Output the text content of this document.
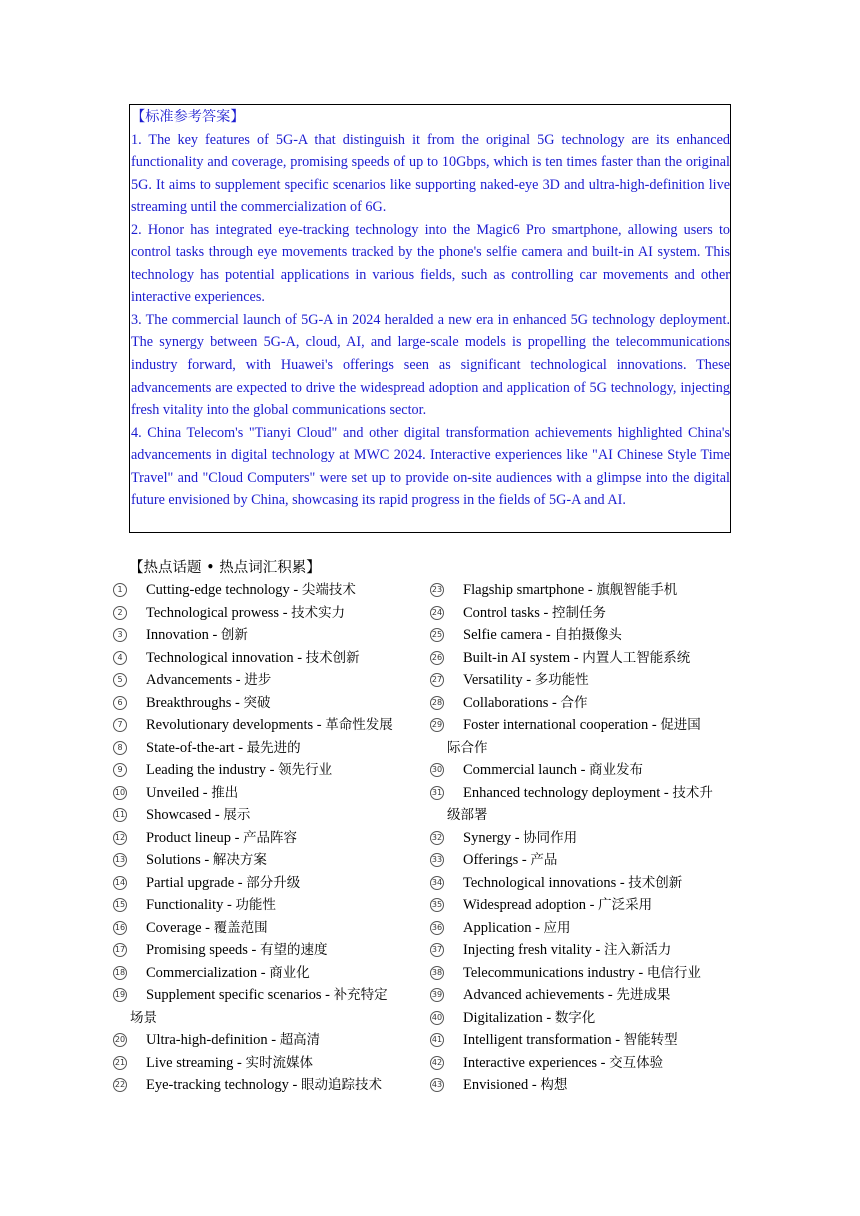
【标准参考答案】

1. The key features of 5G-A that distinguish it from the original 5G technology are its enhanced functionality and coverage, promising speeds of up to 10Gbps, which is ten times faster than the original 5G. It aims to supplement specific scenarios like supporting naked-eye 3D and ultra-high-definition live streaming until the commercialization of 6G.

2. Honor has integrated eye-tracking technology into the Magic6 Pro smartphone, allowing users to control tasks through eye movements tracked by the phone's selfie camera and built-in AI system. This technology has potential applications in various fields, such as controlling car movements and other interactive experiences.

3. The commercial launch of 5G-A in 2024 heralded a new era in enhanced 5G technology deployment. The synergy between 5G-A, cloud, AI, and large-scale models is propelling the telecommunications industry forward, with Huawei's offerings seen as significant technological innovations. These advancements are expected to drive the widespread adoption and application of 5G technology, injecting fresh vitality into the global communications sector.

4. China Telecom's "Tianyi Cloud" and other digital transformation achievements highlighted China's advancements in digital technology at MWC 2024. Interactive experiences like "AI Chinese Style Time Travel" and "Cloud Computers" were set up to provide on-site audiences with a glimpse into the digital future envisioned by China, showcasing its rapid progress in the fields of 5G-A and AI.

【热点话题 • 热点词汇积累】
1	Cutting-edge technology - 尖端技术
2	Technological prowess - 技术实力
3	Innovation - 创新
4	Technological innovation - 技术创新
5	Advancements - 进步
6	Breakthroughs - 突破
7	Revolutionary developments - 革命性发展
8	State-of-the-art - 最先进的
9	Leading the industry - 领先行业
10	Unveiled - 推出
11	Showcased - 展示
12	Product lineup - 产品阵容
13	Solutions - 解决方案
14	Partial upgrade - 部分升级
15	Functionality - 功能性
16	Coverage - 覆盖范围
17	Promising speeds - 有望的速度
18	Commercialization - 商业化
19	Supplement specific scenarios - 补充特定
场景
20	Ultra-high-definition - 超高清
21	Live streaming - 实时流媒体
22	Eye-tracking technology - 眼动追踪技术
23	Flagship smartphone - 旗舰智能手机
24	Control tasks - 控制任务
25	Selfie camera - 自拍摄像头
26	Built-in AI system - 内置人工智能系统
27	Versatility - 多功能性
28	Collaborations - 合作
29	Foster international cooperation - 促进国
际合作
30	Commercial launch - 商业发布
31	Enhanced technology deployment - 技术升
级部署
32	Synergy - 协同作用
33	Offerings - 产品
34	Technological innovations - 技术创新
35	Widespread adoption - 广泛采用
36	Application - 应用
37	Injecting fresh vitality - 注入新活力
38	Telecommunications industry - 电信行业
39	Advanced achievements - 先进成果
40	Digitalization - 数字化
41	Intelligent transformation - 智能转型
42	Interactive experiences - 交互体验
43	Envisioned - 构想
